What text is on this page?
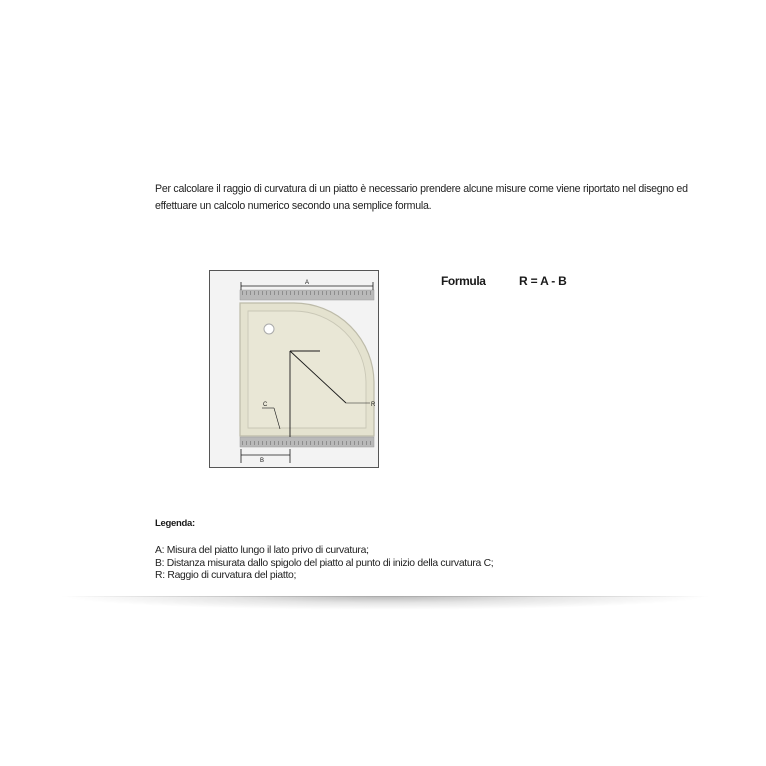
Per calcolare il raggio di curvatura di un piatto è necessario prendere alcune misure come viene riportato nel disegno ed
effettuare un calcolo numerico secondo una semplice formula.
A
B
R
C
Formula	R = A - B
Legenda:
A: Misura del piatto lungo il lato privo di curvatura;
B: Distanza misurata dallo spigolo del piatto al punto di inizio della curvatura C;
R: Raggio di curvatura del piatto;
